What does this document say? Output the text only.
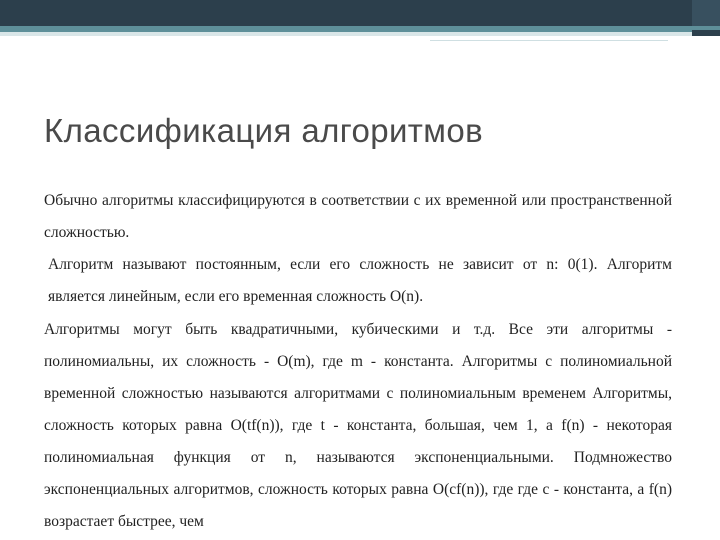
Классификация алгоритмов

Обычно алгоритмы классифицируются в соответствии с их временной или пространственной сложностью.

Алгоритм называют постоянным, если его сложность не зависит от n: 0(1). Алгоритм является линейным, если его временная сложность O(n).

Алгоритмы могут быть квадратичными, кубическими и т.д. Все эти алгоритмы - полиномиальны, их сложность - O(m), где m - константа. Алгоритмы с полиномиальной временной сложностью называются алгоритмами с полиномиальным временем Алгоритмы, сложность которых равна O(tf(n)), где t - константа, большая, чем 1, а f(n) - некоторая полиномиальная функция от n, называются экспоненциальными. Подмножество экспоненциальных алгоритмов, сложность которых равна O(cf(n)), где где c - константа, а f(n) возрастает быстрее, чем
